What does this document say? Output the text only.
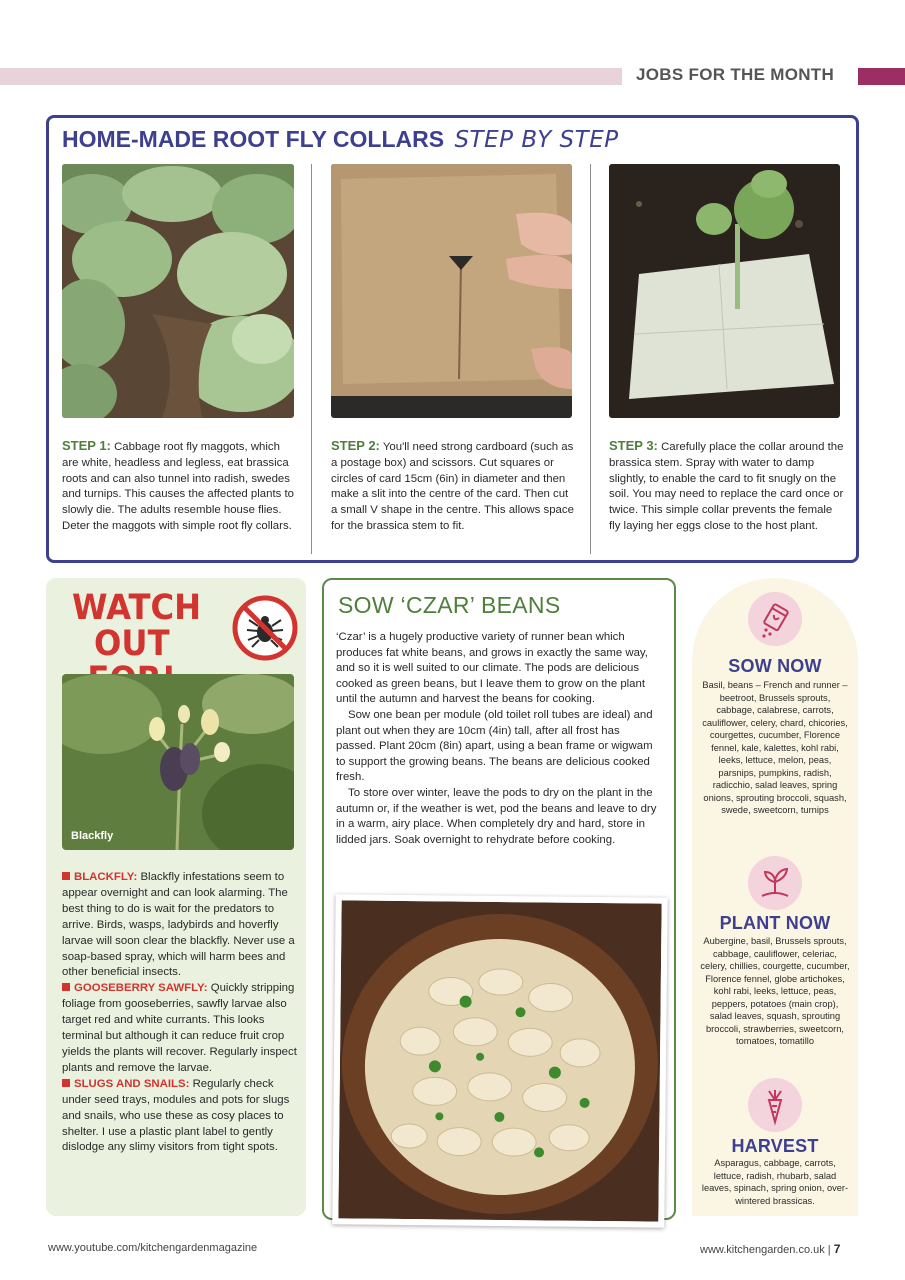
JOBS FOR THE MONTH
HOME-MADE ROOT FLY COLLARS STEP BY STEP
STEP 1: Cabbage root fly maggots, which are white, headless and legless, eat brassica roots and can also tunnel into radish, swedes and turnips. This causes the affected plants to slowly die. The adults resemble house flies. Deter the maggots with simple root fly collars.
STEP 2: You'll need strong cardboard (such as a postage box) and scissors. Cut squares or circles of card 15cm (6in) in diameter and then make a slit into the centre of the card. Then cut a small V shape in the centre. This allows space for the brassica stem to fit.
STEP 3: Carefully place the collar around the brassica stem. Spray with water to damp slightly, to enable the card to fit snugly on the soil. You may need to replace the card once or twice. This simple collar prevents the female fly laying her eggs close to the host plant.
WATCH OUT
Blackfly
BLACKFLY: Blackfly infestations seem to appear overnight and can look alarming. The best thing to do is wait for the predators to arrive. Birds, wasps, ladybirds and hoverfly larvae will soon clear the blackfly. Never use a soap-based spray, which will harm bees and other beneficial insects.
GOOSEBERRY SAWFLY: Quickly stripping foliage from gooseberries, sawfly larvae also target red and white currants. This looks terminal but although it can reduce fruit crop yields the plants will recover. Regularly inspect plants and remove the larvae.
SLUGS AND SNAILS: Regularly check under seed trays, modules and pots for slugs and snails, who use these as cosy places to shelter. I use a plastic plant label to gently dislodge any slimy visitors from tight spots.
SOW ‘CZAR’ BEANS

‘Czar’ is a hugely productive variety of runner bean which produces fat white beans, and grows in exactly the same way, and so it is well suited to our climate. The pods are delicious cooked as green beans, but I leave them to grow on the plant until the autumn and harvest the beans for cooking.

Sow one bean per module (old toilet roll tubes are ideal) and plant out when they are 10cm (4in) tall, after all frost has passed. Plant 20cm (8in) apart, using a bean frame or wigwam to support the growing beans. The beans are delicious cooked fresh.

To store over winter, leave the pods to dry on the plant in the autumn or, if the weather is wet, pod the beans and leave to dry in a warm, airy place. When completely dry and hard, store in lidded jars. Soak overnight to rehydrate before cooking.

SOW NOW
Basil, beans – French and runner – beetroot, Brussels sprouts, cabbage, calabrese, carrots, cauliflower, celery, chard, chicories, courgettes, cucumber, Florence fennel, kale, kalettes, kohl rabi, leeks, lettuce, melon, peas, parsnips, pumpkins, radish, radicchio, salad leaves, spring onions, sprouting broccoli, squash, swede, sweetcorn, turnips
PLANT NOW
Aubergine, basil, Brussels sprouts, cabbage, cauliflower, celeriac, celery, chillies, courgette, cucumber, Florence fennel, globe artichokes, kohl rabi, leeks, lettuce, peas, peppers, potatoes (main crop), salad leaves, squash, sprouting broccoli, strawberries, sweetcorn, tomatoes, tomatillo
HARVEST
Asparagus, cabbage, carrots, lettuce, radish, rhubarb, salad leaves, spinach, spring onion, over-wintered brassicas.
www.youtube.com/kitchengardenmagazine	www.kitchengarden.co.uk | 7
